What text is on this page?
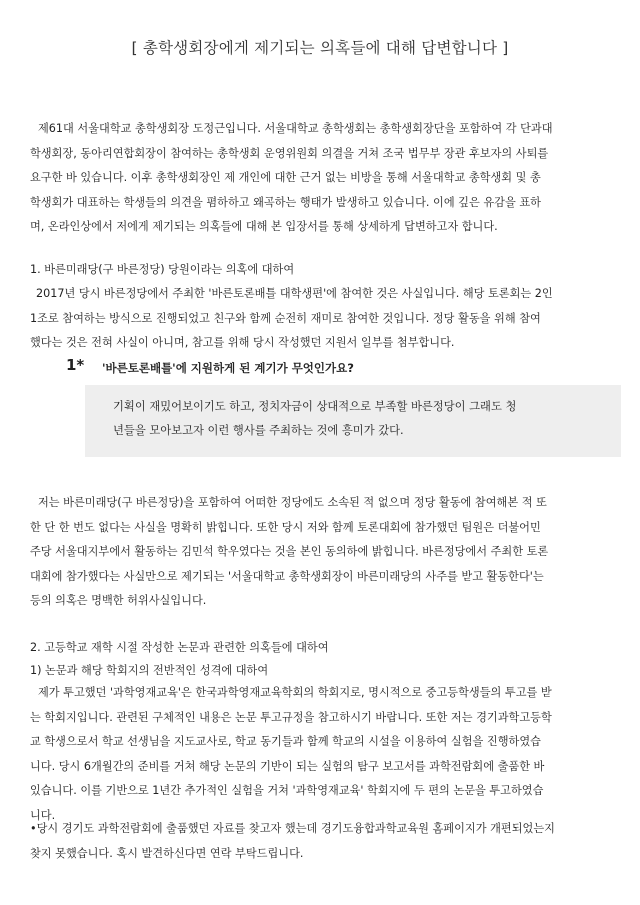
[ 총학생회장에게 제기되는 의혹들에 대해 답변합니다 ]

제61대 서울대학교 총학생회장 도정근입니다. 서울대학교 총학생회는 총학생회장단을 포함하여 각 단과대
학생회장, 동아리연합회장이 참여하는 총학생회 운영위원회 의결을 거쳐 조국 법무부 장관 후보자의 사퇴를
요구한 바 있습니다. 이후 총학생회장인 제 개인에 대한 근거 없는 비방을 통해 서울대학교 총학생회 및 총
학생회가 대표하는 학생들의 의견을 폄하하고 왜곡하는 행태가 발생하고 있습니다. 이에 깊은 유감을 표하
며, 온라인상에서 저에게 제기되는 의혹들에 대해 본 입장서를 통해 상세하게 답변하고자 합니다.

1. 바른미래당(구 바른정당) 당원이라는 의혹에 대하여

2017년 당시 바른정당에서 주최한 '바른토론배틀 대학생편'에 참여한 것은 사실입니다. 해당 토론회는 2인
1조로 참여하는 방식으로 진행되었고 친구와 함께 순전히 재미로 참여한 것입니다. 정당 활동을 위해 참여
했다는 것은 전혀 사실이 아니며, 참고를 위해 당시 작성했던 지원서 일부를 첨부합니다.

1* '바른토론배틀'에 지원하게 된 계기가 무엇인가요?

기획이 재밌어보이기도 하고, 정치자금이 상대적으로 부족할 바른정당이 그래도 청
년들을 모아보고자 이런 행사를 주최하는 것에 흥미가 갔다.

저는 바른미래당(구 바른정당)을 포함하여 어떠한 정당에도 소속된 적 없으며 정당 활동에 참여해본 적 또
한 단 한 번도 없다는 사실을 명확히 밝힙니다. 또한 당시 저와 함께 토론대회에 참가했던 팀원은 더불어민
주당 서울대지부에서 활동하는 김민석 학우였다는 것을 본인 동의하에 밝힙니다. 바른정당에서 주최한 토론
대회에 참가했다는 사실만으로 제기되는 '서울대학교 총학생회장이 바른미래당의 사주를 받고 활동한다'는
등의 의혹은 명백한 허위사실입니다.

2. 고등학교 재학 시절 작성한 논문과 관련한 의혹들에 대하여
1) 논문과 해당 학회지의 전반적인 성격에 대하여

제가 투고했던 '과학영재교육'은 한국과학영재교육학회의 학회지로, 명시적으로 중고등학생들의 투고를 받
는 학회지입니다. 관련된 구체적인 내용은 논문 투고규정을 참고하시기 바랍니다. 또한 저는 경기과학고등학
교 학생으로서 학교 선생님을 지도교사로, 학교 동기들과 함께 학교의 시설을 이용하여 실험을 진행하였습
니다. 당시 6개월간의 준비를 거쳐 해당 논문의 기반이 되는 실험의 탐구 보고서를 과학전람회에 출품한 바
있습니다. 이를 기반으로 1년간 추가적인 실험을 거쳐 '과학영재교육' 학회지에 두 편의 논문을 투고하였습
니다.

•당시 경기도 과학전람회에 출품했던 자료를 찾고자 했는데 경기도융합과학교육원 홈페이지가 개편되었는지
찾지 못했습니다. 혹시 발견하신다면 연락 부탁드립니다.
